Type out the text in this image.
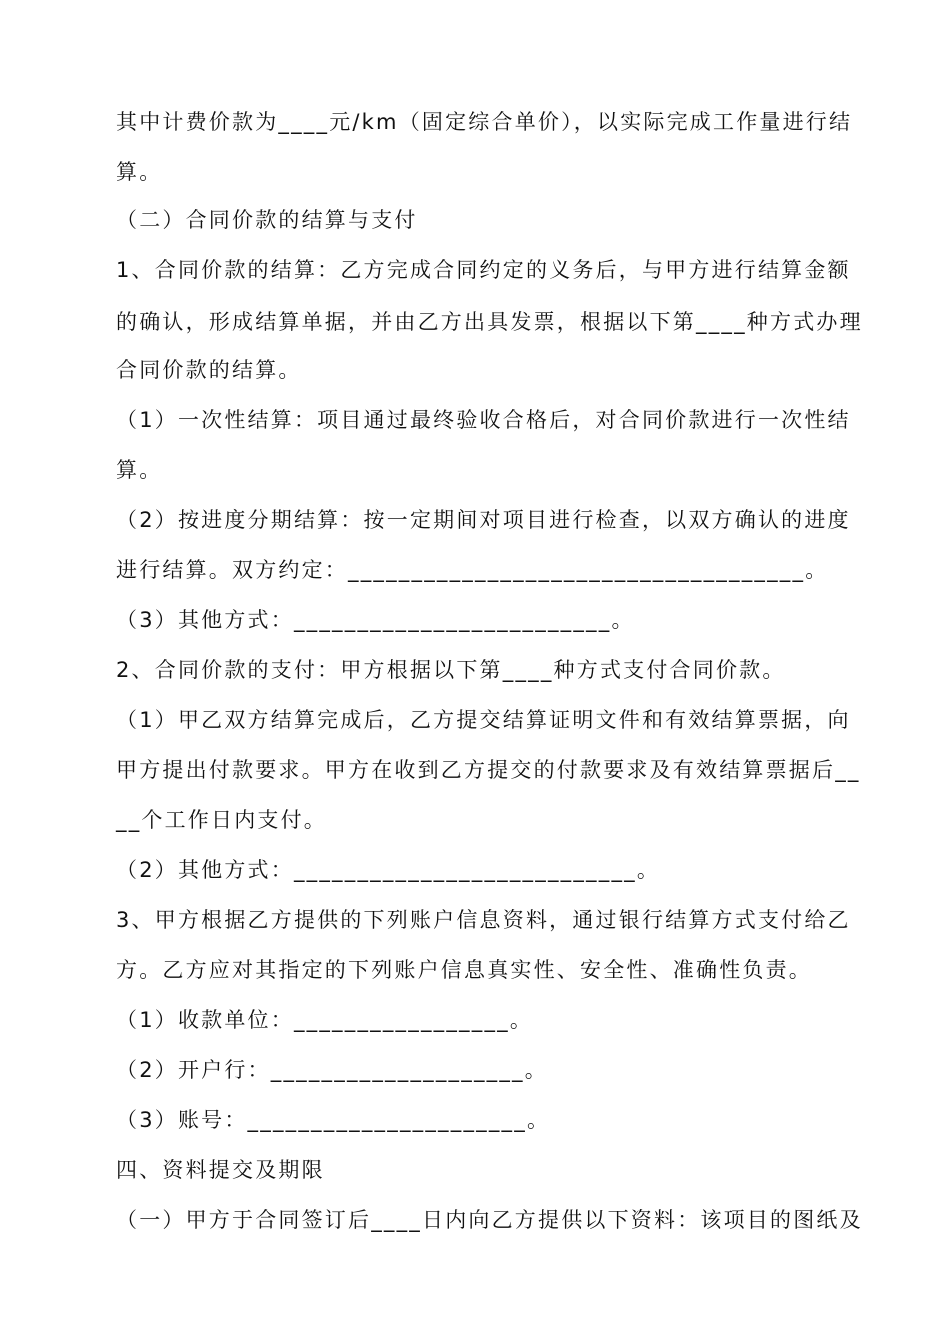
其中计费价款为____元/km（固定综合单价），以实际完成工作量进行结
算。
（二）合同价款的结算与支付
1、合同价款的结算：乙方完成合同约定的义务后，与甲方进行结算金额
的确认，形成结算单据，并由乙方出具发票，根据以下第____种方式办理
合同价款的结算。
（1）一次性结算：项目通过最终验收合格后，对合同价款进行一次性结
算。
（2）按进度分期结算：按一定期间对项目进行检查，以双方确认的进度
进行结算。双方约定：____________________________________。
（3）其他方式：_________________________。
2、合同价款的支付：甲方根据以下第____种方式支付合同价款。
（1）甲乙双方结算完成后，乙方提交结算证明文件和有效结算票据，向
甲方提出付款要求。甲方在收到乙方提交的付款要求及有效结算票据后__
__个工作日内支付。
（2）其他方式：___________________________。
3、甲方根据乙方提供的下列账户信息资料，通过银行结算方式支付给乙
方。乙方应对其指定的下列账户信息真实性、安全性、准确性负责。
（1）收款单位：_________________。
（2）开户行：____________________。
（3）账号：______________________。
四、资料提交及期限
（一）甲方于合同签订后____日内向乙方提供以下资料：该项目的图纸及
